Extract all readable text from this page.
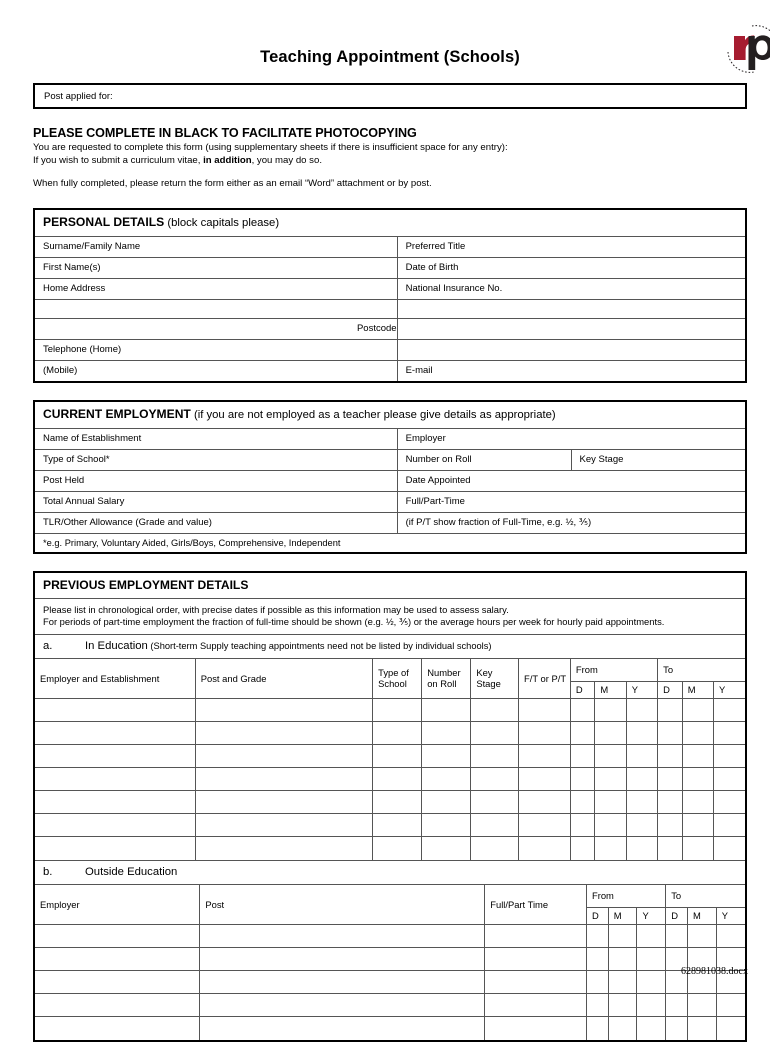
Teaching Appointment (Schools)
Post applied for:
PLEASE COMPLETE IN BLACK TO FACILITATE PHOTOCOPYING
You are requested to complete this form (using supplementary sheets if there is insufficient space for any entry):
If you wish to submit a curriculum vitae, in addition, you may do so.
When fully completed, please return the form either as an email “Word” attachment or by post.
PERSONAL DETAILS (block capitals please)
Surname/Family Name	Preferred Title
First Name(s)	Date of Birth
Home Address	National Insurance No.

Postcode	
Telephone (Home)	
(Mobile)	E-mail
CURRENT EMPLOYMENT (if you are not employed as a teacher please give details as appropriate)
Name of Establishment	Employer	
Type of School*	Number on Roll	Key Stage
Post Held	Date Appointed	
Total Annual Salary	Full/Part-Time	
TLR/Other Allowance (Grade and value)	(if P/T show fraction of Full-Time, e.g. ½, ⅗)	
*e.g. Primary, Voluntary Aided, Girls/Boys, Comprehensive, Independent
PREVIOUS EMPLOYMENT DETAILS
Please list in chronological order, with precise dates if possible as this information may be used to assess salary.
For periods of part-time employment the fraction of full-time should be shown (e.g. ½, ⅗) or the average hours per week for hourly paid appointments.
a.	In Education (Short-term Supply teaching appointments need not be listed by individual schools)
Employer and Establishment	Post and Grade	Type of School	Number on Roll	Key Stage	F/T or P/T	From			To		
						D	M	Y	D	M	Y

b.	Outside Education
Employer	Post	Full/Part Time	From			To		
			D	M	Y	D	M	Y

628981038.docx
